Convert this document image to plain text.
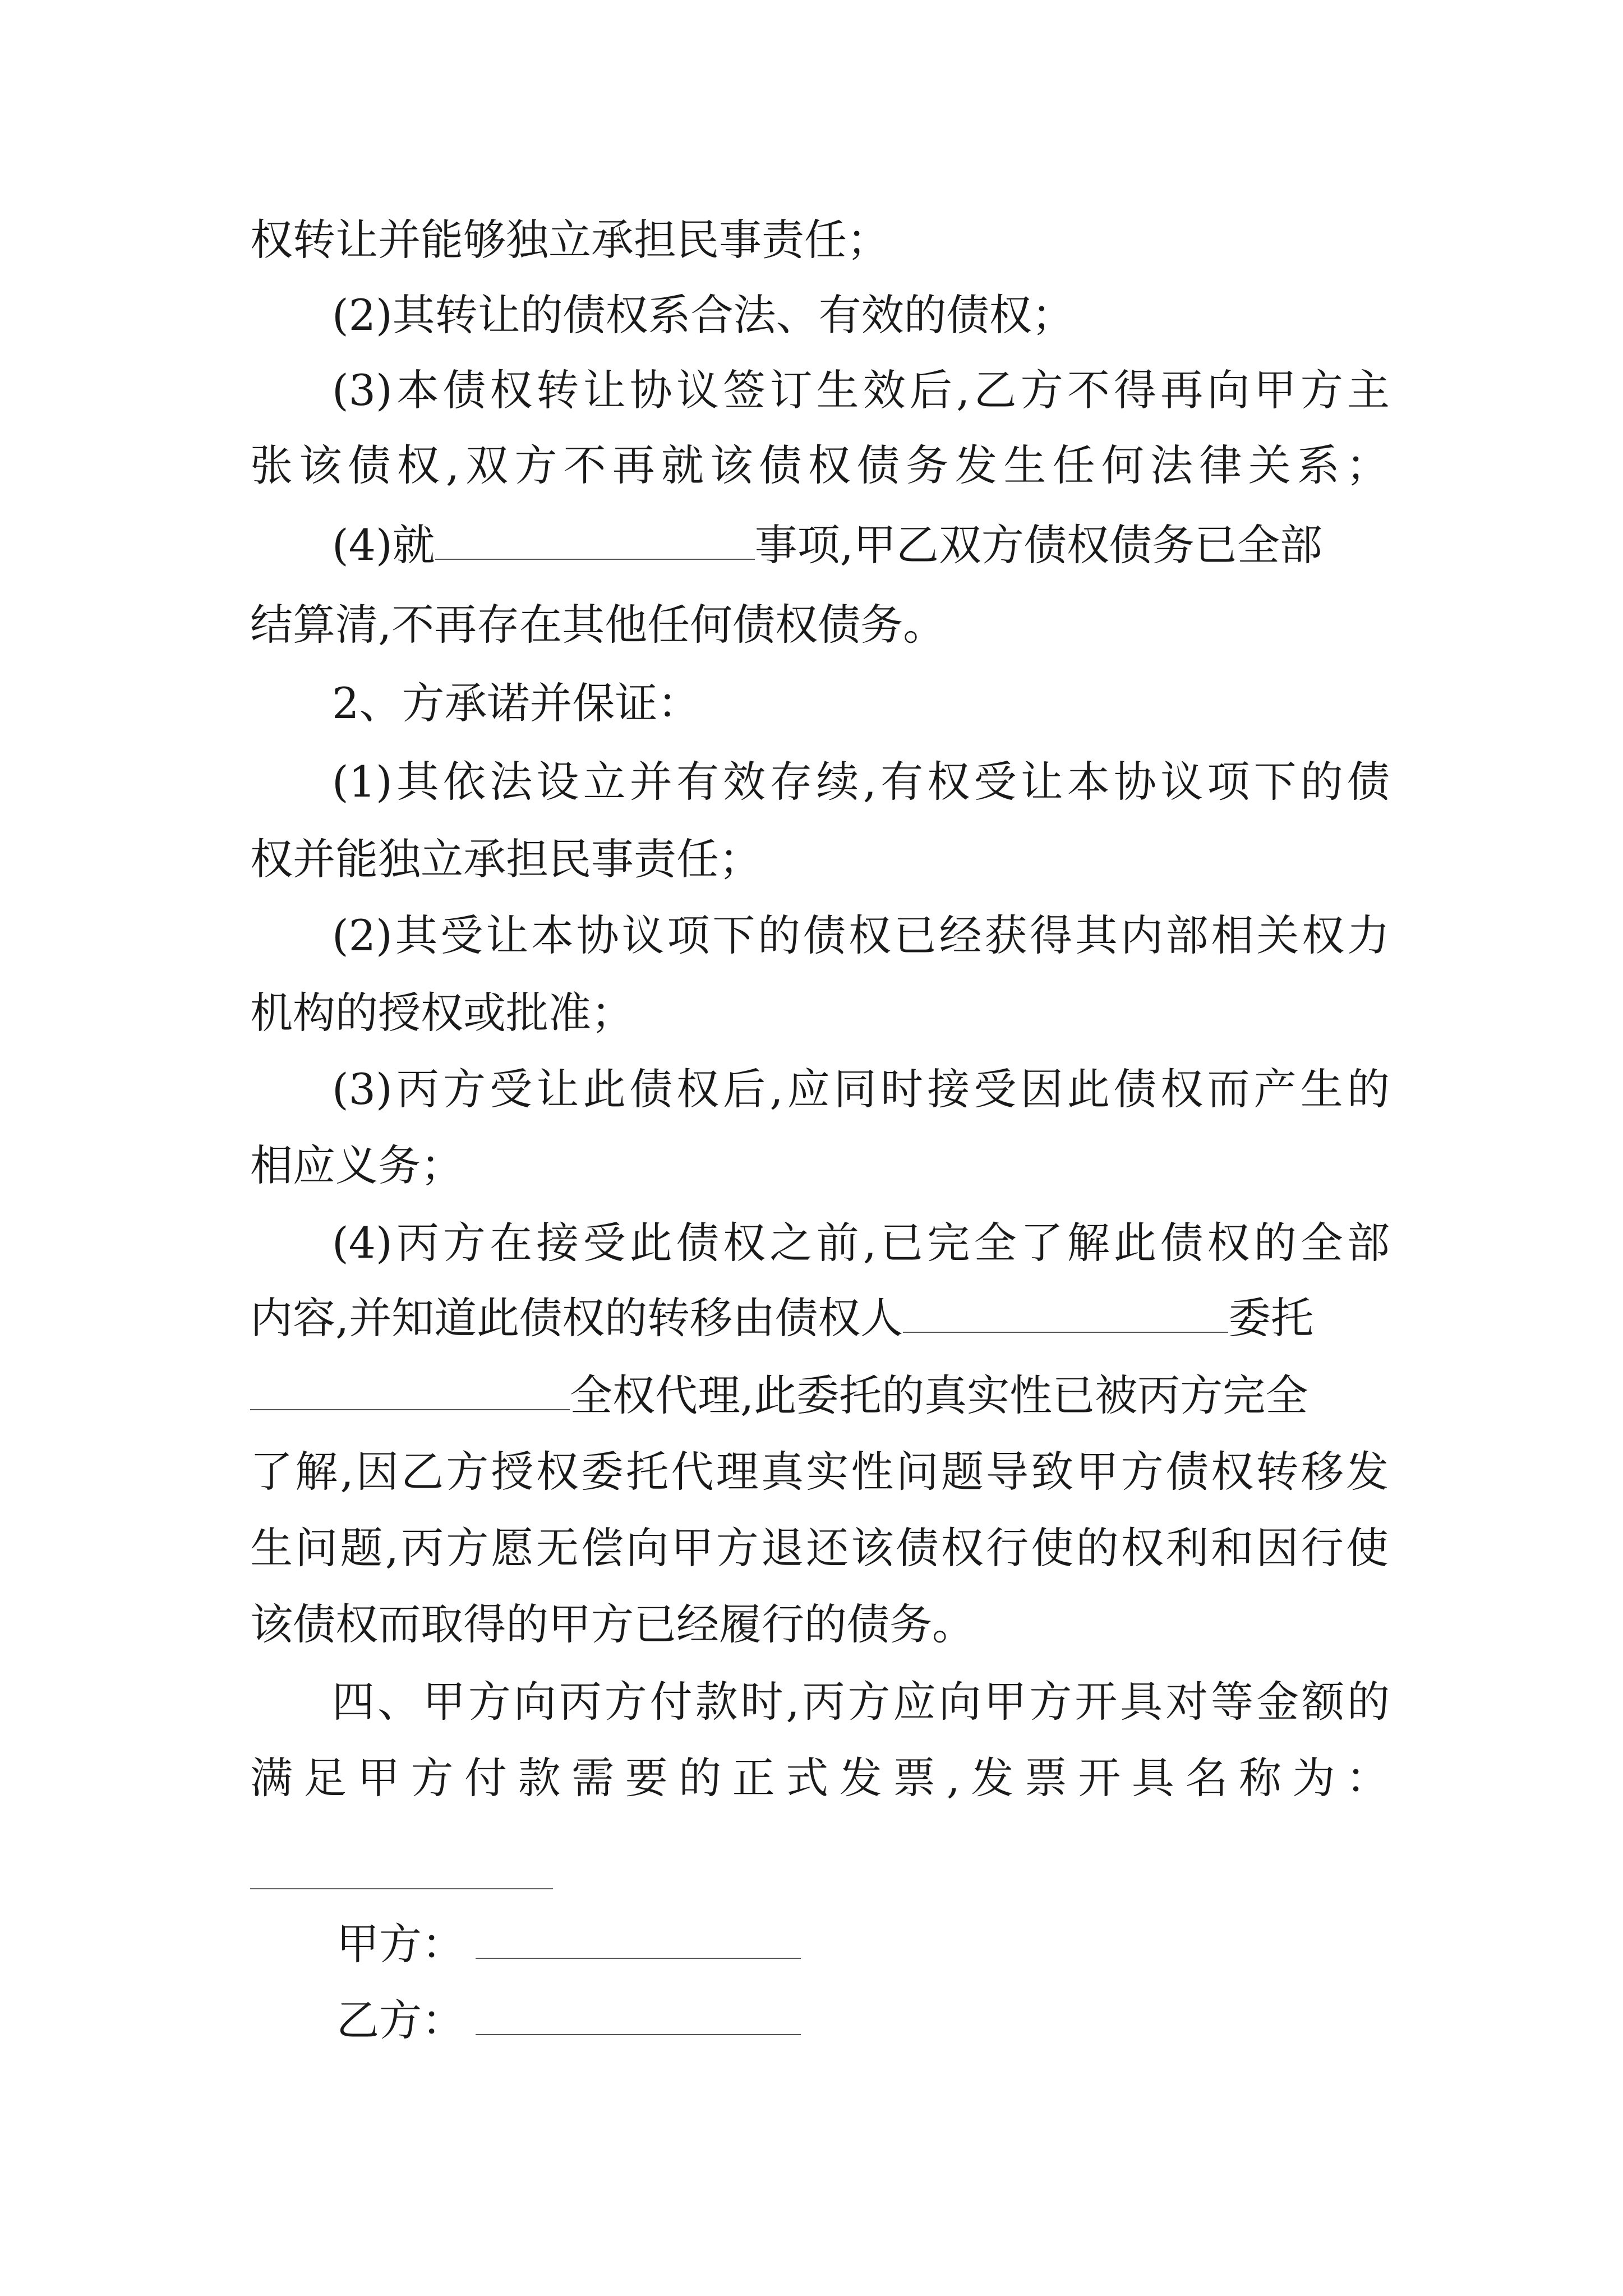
权转让并能够独立承担民事责任；
(2)其转让的债权系合法、有效的债权；
(3)本债权转让协议签订生效后,乙方不得再向甲方主
张该债权,双方不再就该债权债务发生任何法律关系；
(4)就	事项,甲乙双方债权债务已全部
结算清,不再存在其他任何债权债务。
2、方承诺并保证：
(1)其依法设立并有效存续,有权受让本协议项下的债
权并能独立承担民事责任；
(2)其受让本协议项下的债权已经获得其内部相关权力
机构的授权或批准；
(3)丙方受让此债权后,应同时接受因此债权而产生的
相应义务；
(4)丙方在接受此债权之前,已完全了解此债权的全部
内容,并知道此债权的转移由债权人	委托
全权代理,此委托的真实性已被丙方完全
了解,因乙方授权委托代理真实性问题导致甲方债权转移发
生问题,丙方愿无偿向甲方退还该债权行使的权利和因行使
该债权而取得的甲方已经履行的债务。
四、甲方向丙方付款时,丙方应向甲方开具对等金额的
满足甲方付款需要的正式发票,发票开具名称为：
甲方：
乙方：
